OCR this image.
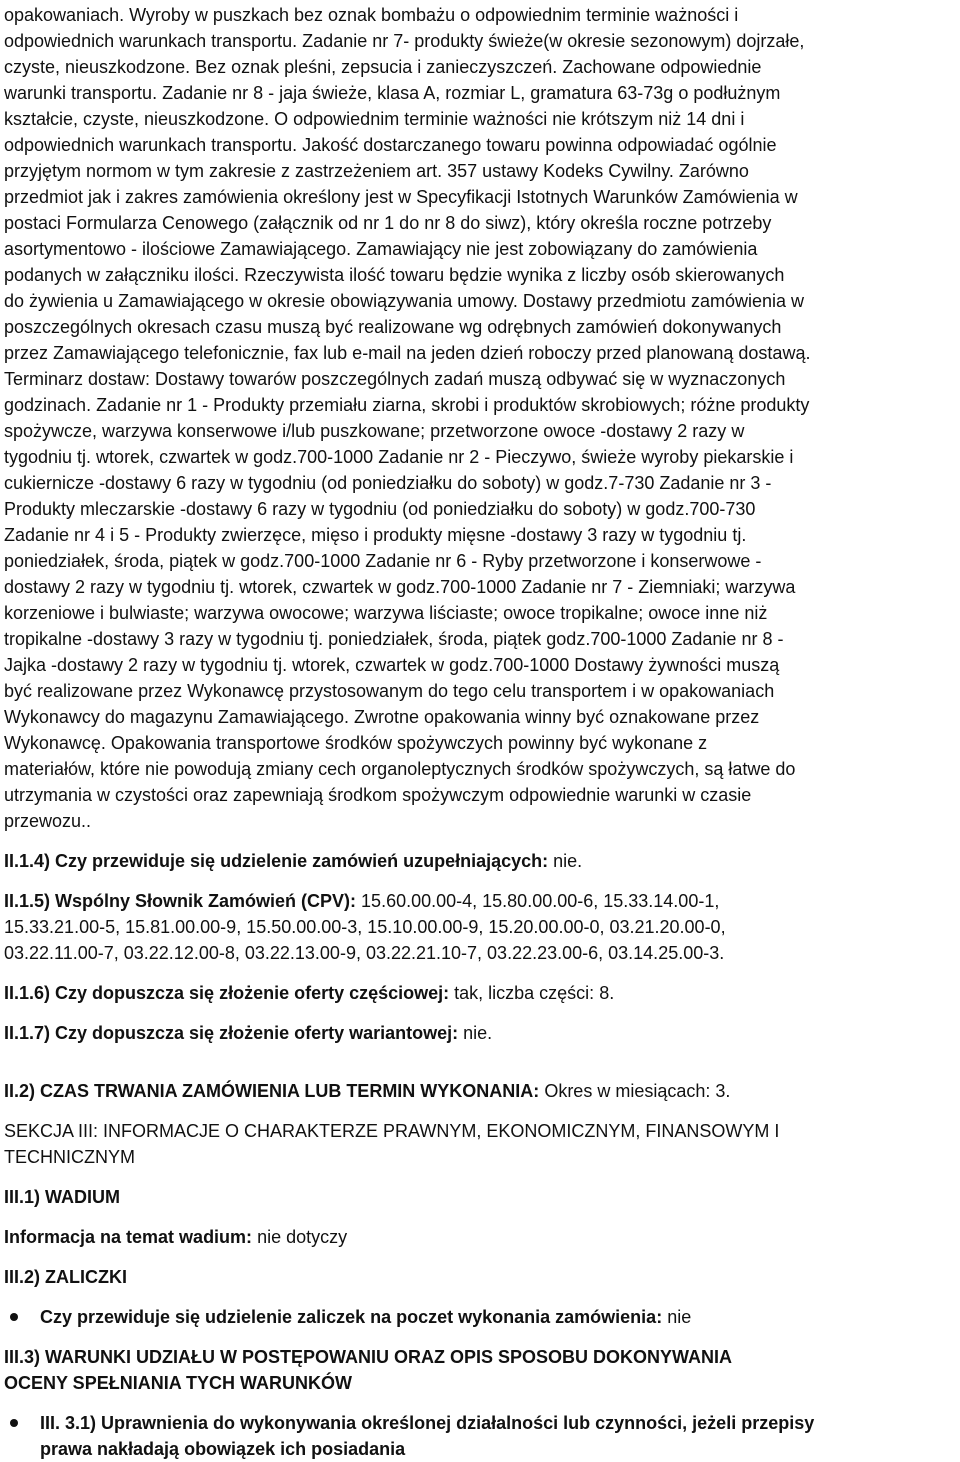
opakowaniach. Wyroby w puszkach bez oznak bombażu o odpowiednim terminie ważności i
odpowiednich warunkach transportu. Zadanie nr 7- produkty świeże(w okresie sezonowym) dojrzałe,
czyste, nieuszkodzone. Bez oznak pleśni, zepsucia i zanieczyszczeń. Zachowane odpowiednie
warunki transportu. Zadanie nr 8 - jaja świeże, klasa A, rozmiar L, gramatura 63-73g o podłużnym
kształcie, czyste, nieuszkodzone. O odpowiednim terminie ważności nie krótszym niż 14 dni i
odpowiednich warunkach transportu. Jakość dostarczanego towaru powinna odpowiadać ogólnie
przyjętym normom w tym zakresie z zastrzeżeniem art. 357 ustawy Kodeks Cywilny. Zarówno
przedmiot jak i zakres zamówienia określony jest w Specyfikacji Istotnych Warunków Zamówienia w
postaci Formularza Cenowego (załącznik od nr 1 do nr 8 do siwz), który określa roczne potrzeby
asortymentowo - ilościowe Zamawiającego. Zamawiający nie jest zobowiązany do zamówienia
podanych w załączniku ilości. Rzeczywista ilość towaru będzie wynika z liczby osób skierowanych
do żywienia u Zamawiającego w okresie obowiązywania umowy. Dostawy przedmiotu zamówienia w
poszczególnych okresach czasu muszą być realizowane wg odrębnych zamówień dokonywanych
przez Zamawiającego telefonicznie, fax lub e-mail na jeden dzień roboczy przed planowaną dostawą.
Terminarz dostaw: Dostawy towarów poszczególnych zadań muszą odbywać się w wyznaczonych
godzinach. Zadanie nr 1 - Produkty przemiału ziarna, skrobi i produktów skrobiowych; różne produkty
spożywcze, warzywa konserwowe i/lub puszkowane; przetworzone owoce -dostawy 2 razy w
tygodniu tj. wtorek, czwartek w godz.700-1000 Zadanie nr 2 - Pieczywo, świeże wyroby piekarskie i
cukiernicze -dostawy 6 razy w tygodniu (od poniedziałku do soboty) w godz.7-730 Zadanie nr 3 -
Produkty mleczarskie -dostawy 6 razy w tygodniu (od poniedziałku do soboty) w godz.700-730
Zadanie nr 4 i 5 - Produkty zwierzęce, mięso i produkty mięsne -dostawy 3 razy w tygodniu tj.
poniedziałek, środa, piątek w godz.700-1000 Zadanie nr 6 - Ryby przetworzone i konserwowe -
dostawy 2 razy w tygodniu tj. wtorek, czwartek w godz.700-1000 Zadanie nr 7 - Ziemniaki; warzywa
korzeniowe i bulwiaste; warzywa owocowe; warzywa liściaste; owoce tropikalne; owoce inne niż
tropikalne -dostawy 3 razy w tygodniu tj. poniedziałek, środa, piątek godz.700-1000 Zadanie nr 8 -
Jajka -dostawy 2 razy w tygodniu tj. wtorek, czwartek w godz.700-1000 Dostawy żywności muszą
być realizowane przez Wykonawcę przystosowanym do tego celu transportem i w opakowaniach
Wykonawcy do magazynu Zamawiającego. Zwrotne opakowania winny być oznakowane przez
Wykonawcę. Opakowania transportowe środków spożywczych powinny być wykonane z
materiałów, które nie powodują zmiany cech organoleptycznych środków spożywczych, są łatwe do
utrzymania w czystości oraz zapewniają środkom spożywczym odpowiednie warunki w czasie
przewozu..

II.1.4) Czy przewiduje się udzielenie zamówień uzupełniających: nie.

II.1.5) Wspólny Słownik Zamówień (CPV): 15.60.00.00-4, 15.80.00.00-6, 15.33.14.00-1,
15.33.21.00-5, 15.81.00.00-9, 15.50.00.00-3, 15.10.00.00-9, 15.20.00.00-0, 03.21.20.00-0,
03.22.11.00-7, 03.22.12.00-8, 03.22.13.00-9, 03.22.21.10-7, 03.22.23.00-6, 03.14.25.00-3.

II.1.6) Czy dopuszcza się złożenie oferty częściowej: tak, liczba części: 8.

II.1.7) Czy dopuszcza się złożenie oferty wariantowej: nie.

II.2) CZAS TRWANIA ZAMÓWIENIA LUB TERMIN WYKONANIA: Okres w miesiącach: 3.

SEKCJA III: INFORMACJE O CHARAKTERZE PRAWNYM, EKONOMICZNYM, FINANSOWYM I
TECHNICZNYM

III.1) WADIUM

Informacja na temat wadium: nie dotyczy

III.2) ZALICZKI

Czy przewiduje się udzielenie zaliczek na poczet wykonania zamówienia: nie

III.3) WARUNKI UDZIAŁU W POSTĘPOWANIU ORAZ OPIS SPOSOBU DOKONYWANIA
OCENY SPEŁNIANIA TYCH WARUNKÓW

III. 3.1) Uprawnienia do wykonywania określonej działalności lub czynności, jeżeli przepisy
prawa nakładają obowiązek ich posiadania
